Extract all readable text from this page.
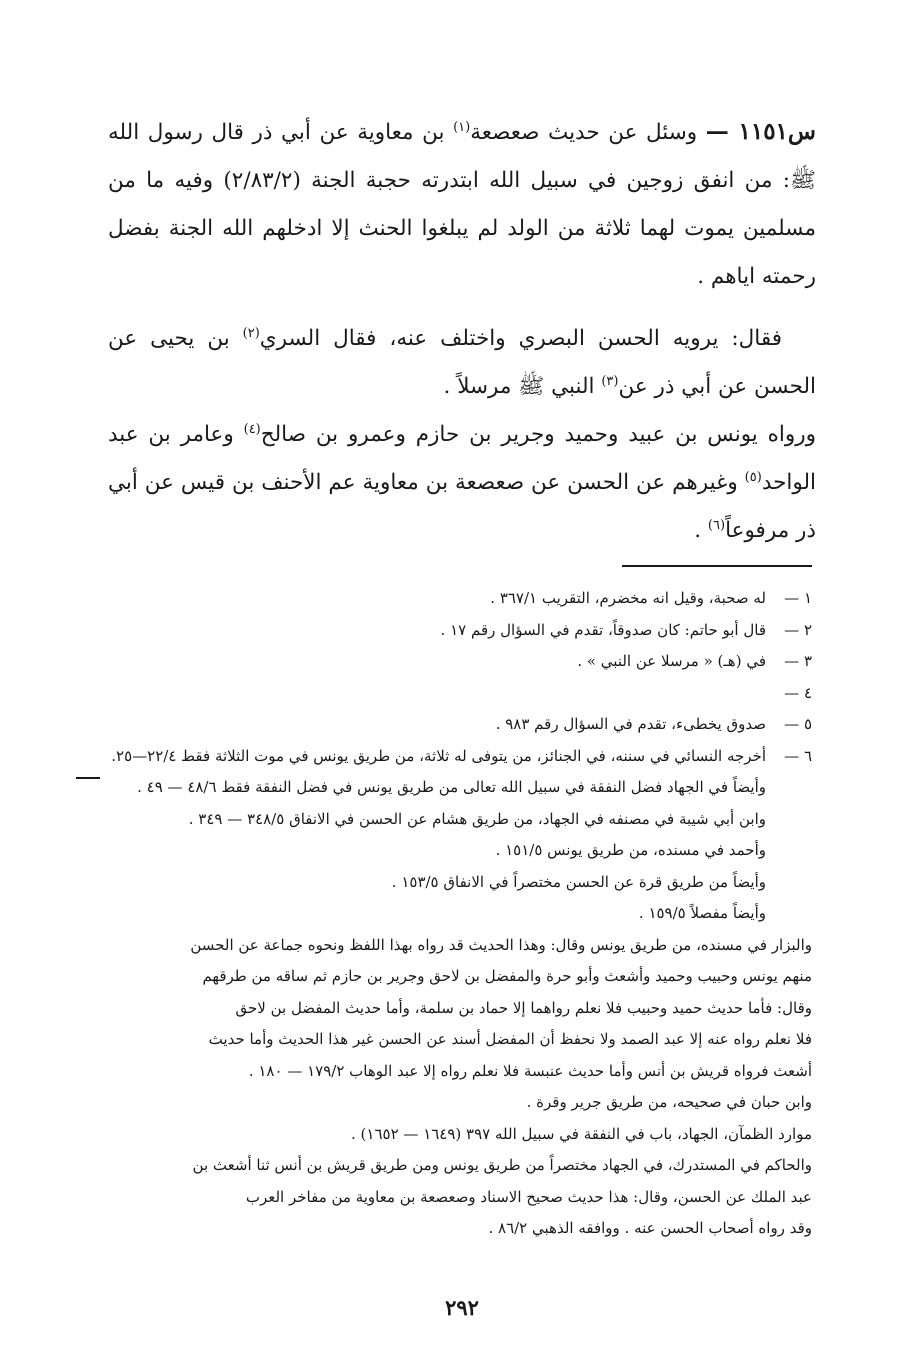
س١١٥١ — وسئل عن حديث صعصعة$^{(١)}$ بن معاوية عن أبي ذر قال رسول الله ﷺ: من انفق زوجين في سبيل الله ابتدرته حجبة الجنة (٢/٨٣/٢) وفيه ما من مسلمين يموت لهما ثلاثة من الولد لم يبلغوا الحنث إلا ادخلهم الله الجنة بفضل رحمته اياهم .

فقال: يرويه الحسن البصري واختلف عنه، فقال السري$^{(٢)}$ بن يحيى عن الحسن عن أبي ذر عن$^{(٣)}$ النبي ﷺ مرسلاً .

ورواه يونس بن عبيد وحميد وجرير بن حازم وعمرو بن صالح$^{(٤)}$ وعامر بن عبد الواحد$^{(٥)}$ وغيرهم عن الحسن عن صعصعة بن معاوية عم الأحنف بن قيس عن أبي ذر مرفوعاً$^{(٦)}$ .

١ —
له صحبة، وقيل انه مخضرم، التقريب ٣٦٧/١ .
٢ —
قال أبو حاتم: كان صدوقاً، تقدم في السؤال رقم ١٧ .
٣ —
في (هـ) « مرسلا عن النبي » .
٤ —
٥ —
صدوق يخطىء، تقدم في السؤال رقم ٩٨٣ .
٦ —
أخرجه النسائي في سننه، في الجنائز، من يتوفى له ثلاثة، من طريق يونس في موت الثلاثة فقط ٢٢/٤—٢٥.
وأيضاً في الجهاد فضل النفقة في سبيل الله تعالى من طريق يونس في فضل النفقة فقط ٤٨/٦ — ٤٩ .
وابن أبي شيبة في مصنفه في الجهاد، من طريق هشام عن الحسن في الانفاق ٣٤٨/٥ — ٣٤٩ .
وأحمد في مسنده، من طريق يونس ١٥١/٥ .
وأيضاً من طريق قرة عن الحسن مختصراً في الانفاق ١٥٣/٥ .
وأيضاً مفصلاً ١٥٩/٥ .
والبزار في مسنده، من طريق يونس وقال: وهذا الحديث قد رواه بهذا اللفظ ونحوه جماعة عن الحسن
منهم يونس وحبيب وحميد وأشعث وأبو حرة والمفضل بن لاحق وجرير بن حازم ثم ساقه من طرقهم
وقال: فأما حديث حميد وحبيب فلا نعلم رواهما إلا حماد بن سلمة، وأما حديث المفضل بن لاحق
فلا نعلم رواه عنه إلا عبد الصمد ولا نحفظ أن المفضل أسند عن الحسن غير هذا الحديث وأما حديث
أشعث فرواه قريش بن أنس وأما حديث عنبسة فلا نعلم رواه إلا عبد الوهاب ١٧٩/٢ — ١٨٠ .
وابن حبان في صحيحه، من طريق جرير وقرة .
موارد الظمآن، الجهاد، باب في النفقة في سبيل الله ٣٩٧ (١٦٤٩ — ١٦٥٢) .
والحاكم في المستدرك، في الجهاد مختصراً من طريق يونس ومن طريق قريش بن أنس ثنا أشعث بن
عبد الملك عن الحسن، وقال: هذا حديث صحيح الاسناد وصعصعة بن معاوية من مفاخر العرب
وقد رواه أصحاب الحسن عنه . ووافقه الذهبي ٨٦/٢ .
٢٩٢
